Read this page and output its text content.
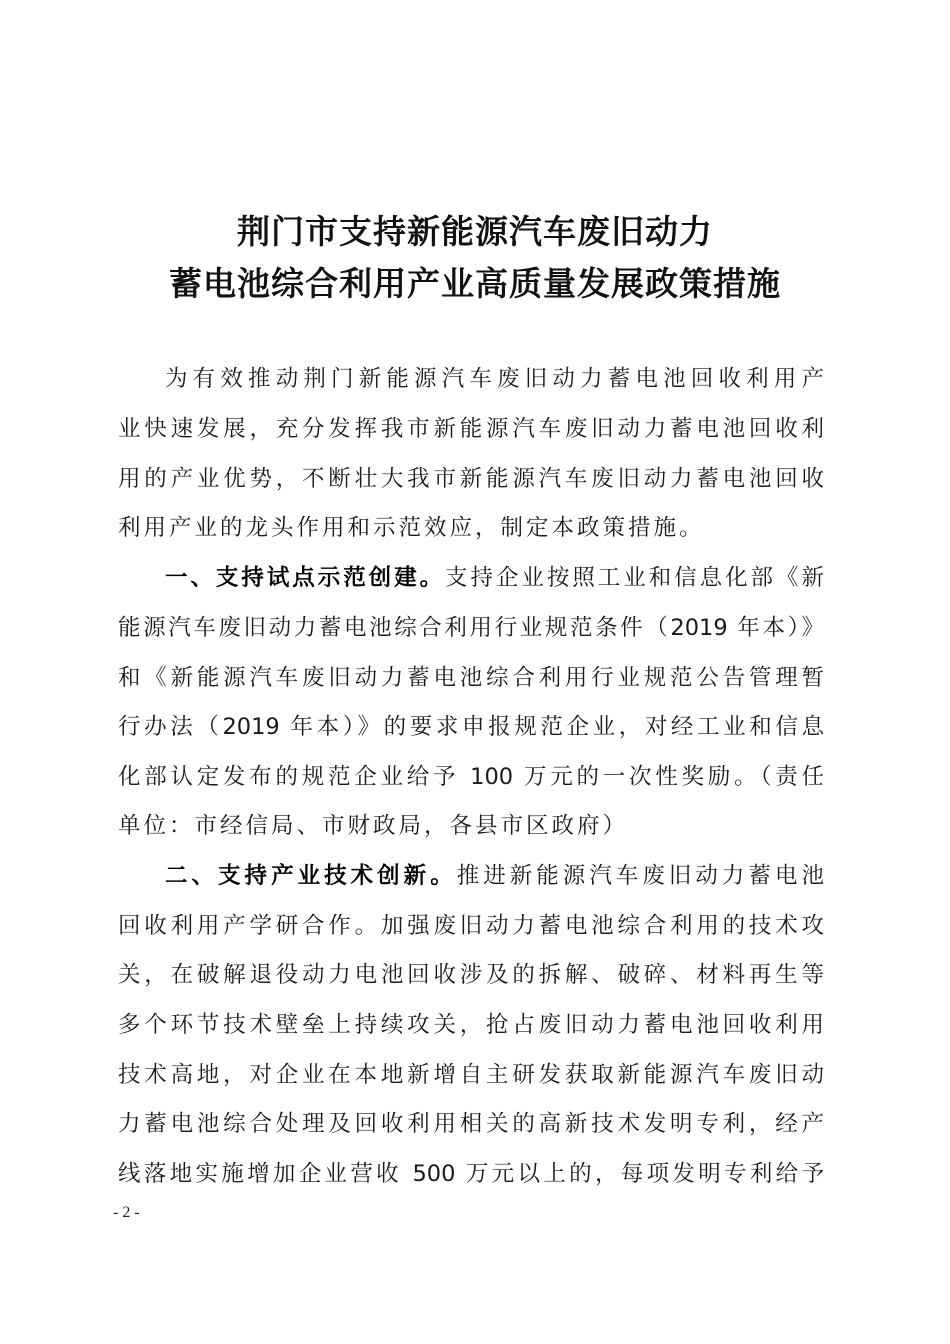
荆门市支持新能源汽车废旧动力
蓄电池综合利用产业高质量发展政策措施
为有效推动荆门新能源汽车废旧动力蓄电池回收利用产
业快速发展，充分发挥我市新能源汽车废旧动力蓄电池回收利
用的产业优势，不断壮大我市新能源汽车废旧动力蓄电池回收
利用产业的龙头作用和示范效应，制定本政策措施。
一、支持试点示范创建。支持企业按照工业和信息化部《新
能源汽车废旧动力蓄电池综合利用行业规范条件（2019 年本）》
和《新能源汽车废旧动力蓄电池综合利用行业规范公告管理暂
行办法（2019 年本）》的要求申报规范企业，对经工业和信息
化部认定发布的规范企业给予 100 万元的一次性奖励。（责任
单位：市经信局、市财政局，各县市区政府）
二、支持产业技术创新。推进新能源汽车废旧动力蓄电池
回收利用产学研合作。加强废旧动力蓄电池综合利用的技术攻
关，在破解退役动力电池回收涉及的拆解、破碎、材料再生等
多个环节技术壁垒上持续攻关，抢占废旧动力蓄电池回收利用
技术高地，对企业在本地新增自主研发获取新能源汽车废旧动
力蓄电池综合处理及回收利用相关的高新技术发明专利，经产
线落地实施增加企业营收 500 万元以上的，每项发明专利给予
- 2 -
